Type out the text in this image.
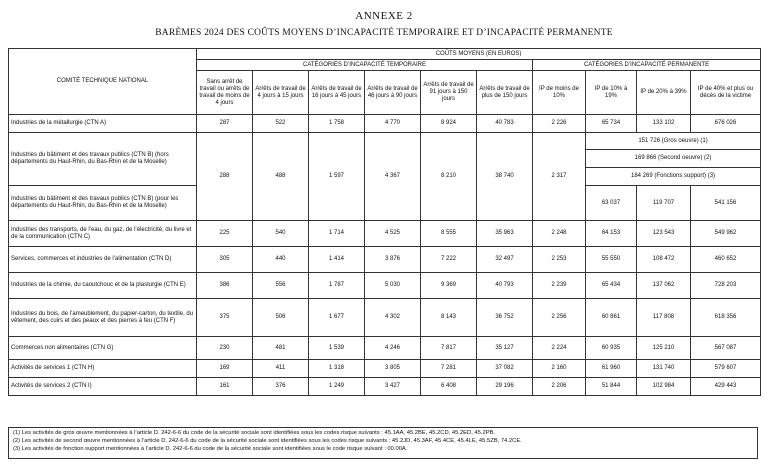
ANNEXE 2
BARÈMES 2024 DES COÛTS MOYENS D’INCAPACITÉ TEMPORAIRE ET D’INCAPACITÉ PERMANENTE
COMITÉ TECHNIQUE NATIONAL	COÛTS MOYENS (EN EUROS)									
	CATÉGORIES D’INCAPACITÉ TEMPORAIRE						CATÉGORIES D’INCAPACITÉ PERMANENTE			
	Sans arrêt de travail ou arrêts de travail de moins de 4 jours	Arrêts de travail de 4 jours à 15 jours	Arrêts de travail de 16 jours à 45 jours	Arrêts de travail de 46 jours à 90 jours	Arrêts de travail de 91 jours à 150 jours	Arrêts de travail de plus de 150 jours	IP de moins de 10%	IP de 10% à 19%	IP de 20% à 39%	IP de 40% et plus ou décès de la victime
Industries de la métallurgie (CTN A)	287	522	1 758	4 770	8 924	40 783	2 226	65 734	133 102	676 026
Industries du bâtiment et des travaux publics (CTN B) (hors départements du Haut-Rhin, du Bas-Rhin et de la Moselle)	288	488	1 597	4 367	8 210	38 740	2 317	151 726 (Gros oeuvre) (1)		
								169 866 (Second oeuvre) (2)		
								184 269 (Fonctions support) (3)		
Industries du bâtiment et des travaux publics (CTN B) (pour les départements du Haut-Rhin, du Bas-Rhin et de la Moselle)								63 037	119 707	541 156
Industries des transports, de l’eau, du gaz, de l’électricité, du livre et de la communication (CTN C)	225	540	1 714	4 525	8 555	35 963	2 248	64 153	123 543	549 962
Services, commerces et industries de l’alimentation (CTN D)	305	440	1 414	3 876	7 222	32 497	2 253	55 550	108 472	460 652
Industries de la chimie, du caoutchouc et de la plasturgie (CTN E)	386	556	1 787	5 030	9 369	40 793	2 239	65 434	137 062	728 203
Industries du bois, de l’ameublement, du papier-carton, du textile, du vêtement, des cuirs et des peaux et des pierres à feu (CTN F)	375	506	1 677	4 302	8 143	36 752	2 256	60 861	117 808	618 356
Commerces non alimentaires (CTN G)	230	481	1 539	4 246	7 817	35 127	2 224	60 935	125 210	567 087
Activités de services 1 (CTN H)	169	411	1 318	3 805	7 281	37 082	2 160	61 960	131 740	579 607
Activités de services 2 (CTN I)	161	376	1 249	3 427	6 408	29 196	2 206	51 844	102 984	429 443
(1) Les activités de gros œuvre mentionnées à l’article D. 242-6-6 du code de la sécurité sociale sont identifiées sous les codes risque suivants : 45.1AA, 45.2BE, 45.2CD, 45.2ED, 45.2PB.
(2) Les activités de second œuvre mentionnées à l’article D. 242-6-6 du code de la sécurité sociale sont identifiées sous les codes risque suivants : 45.2JD, 45.3AF, 45.4CE, 45.4LE, 45.5ZB, 74.2CE.
(3) Les activités de fonction support mentionnées à l’article D. 242-6-6 du code de la sécurité sociale sont identifiées sous le code risque suivant : 00.00A.
